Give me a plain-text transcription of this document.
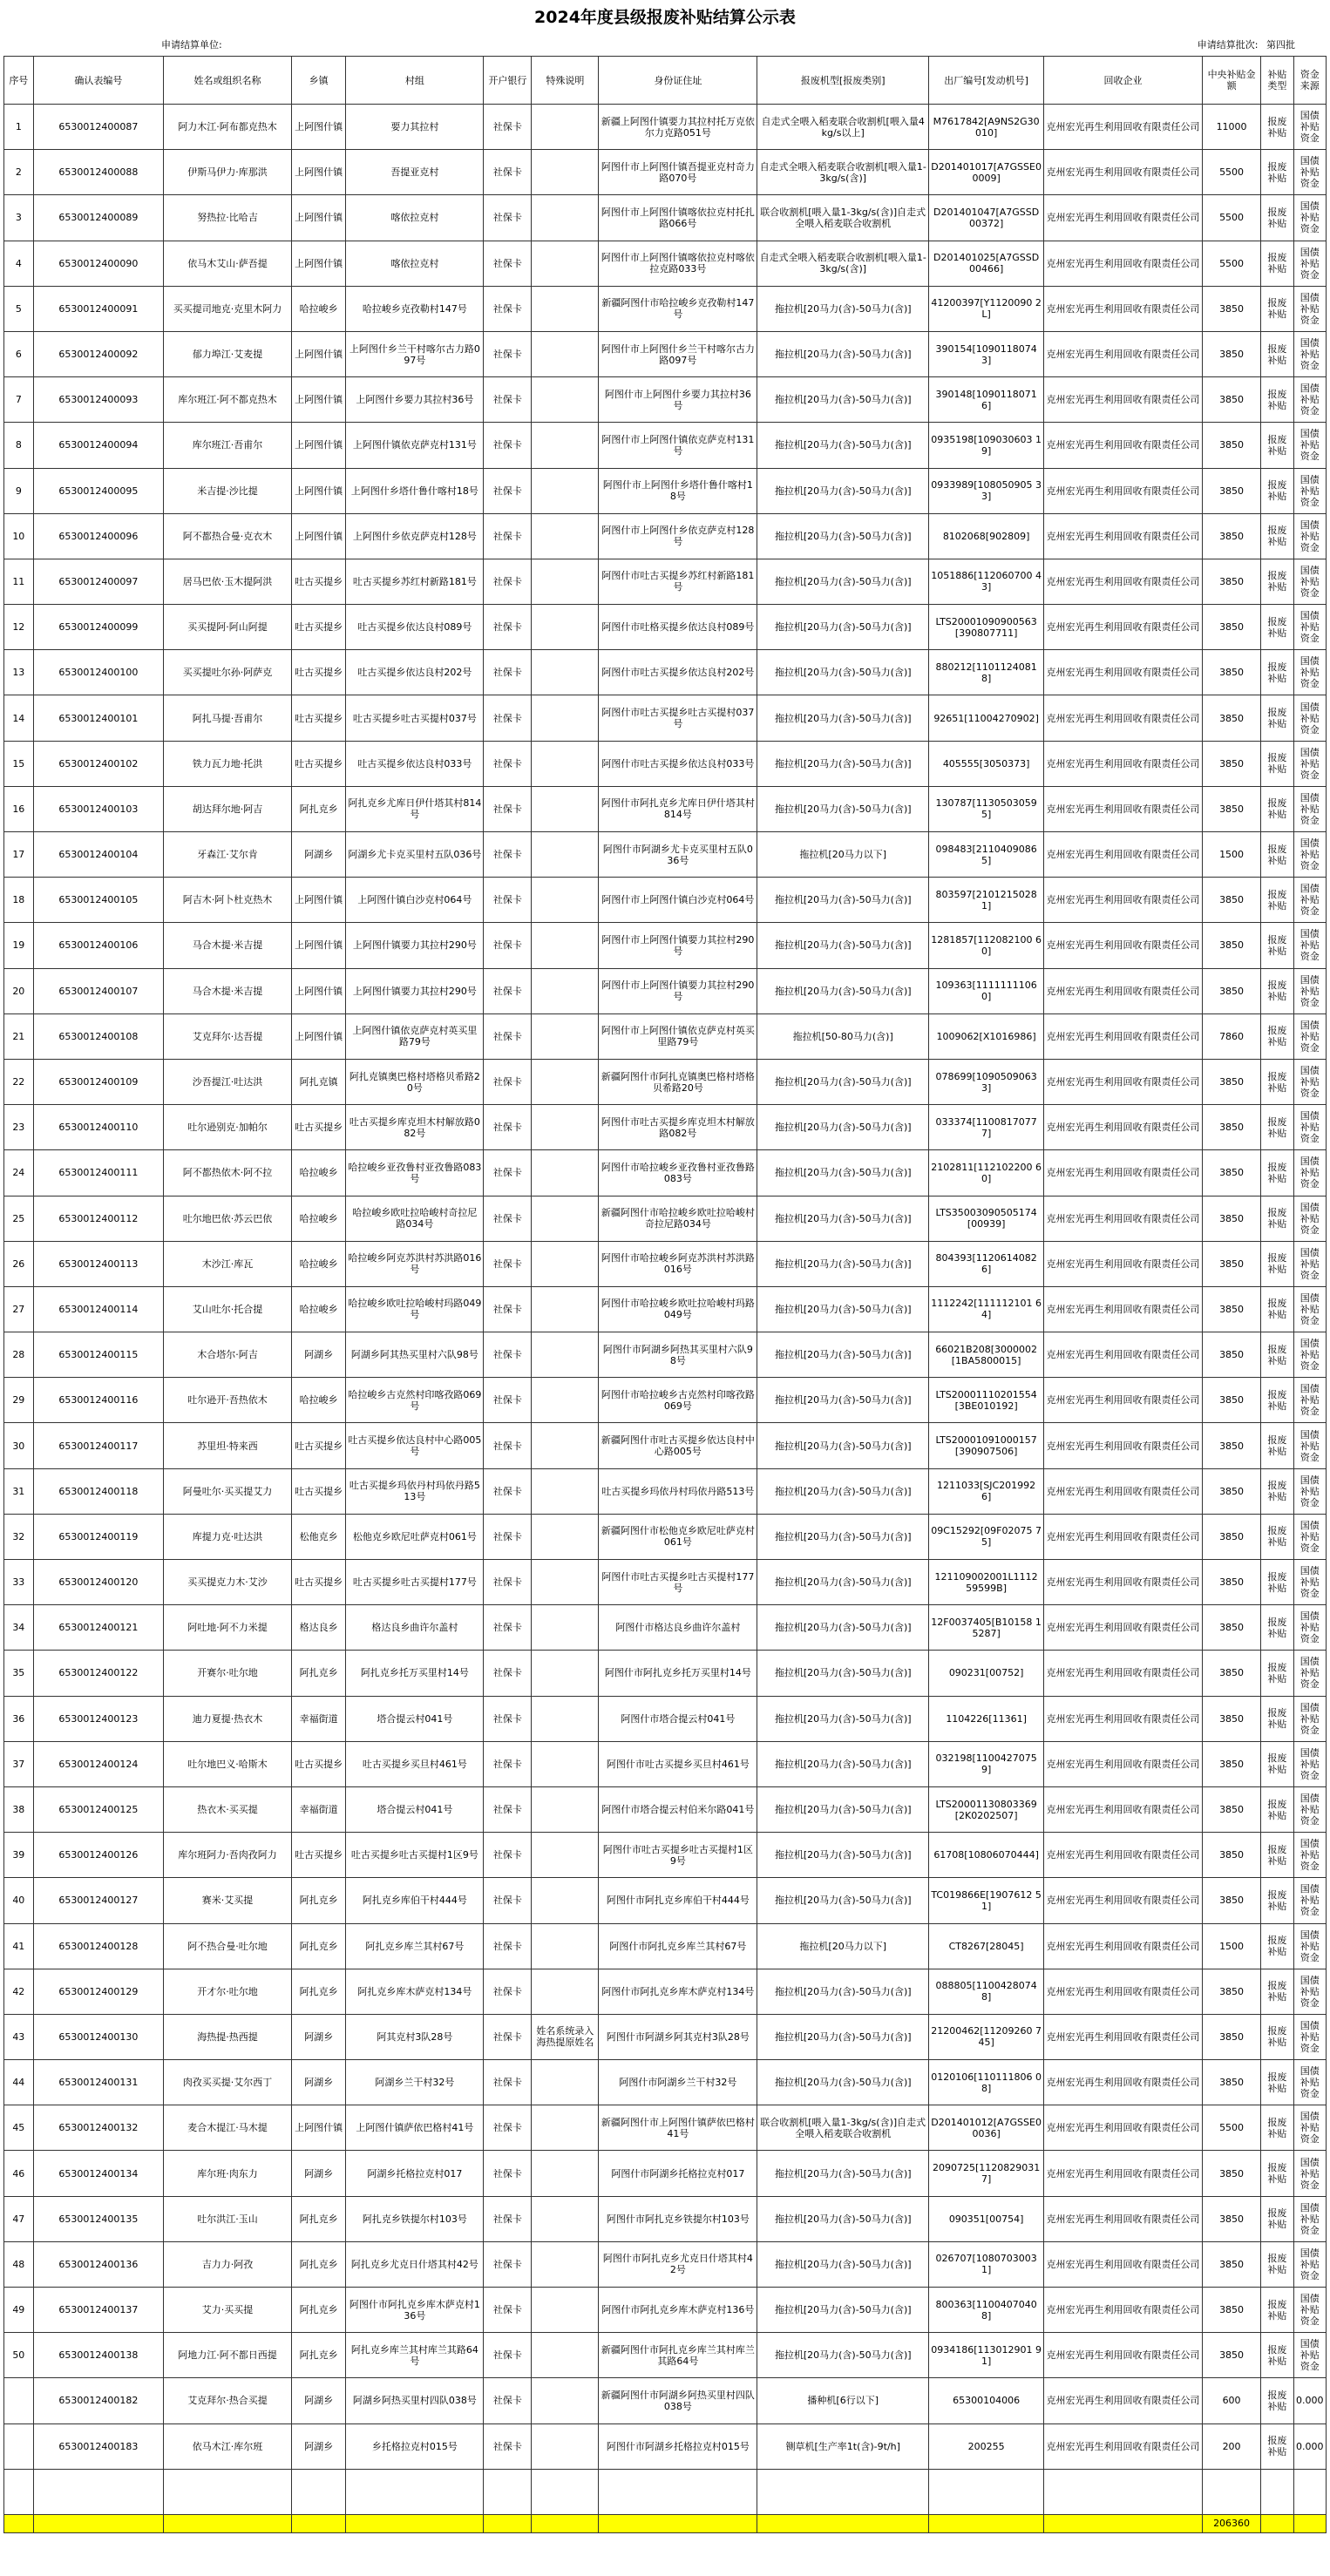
2024年度县级报废补贴结算公示表
申请结算单位:	申请结算批次: 第四批
序号	确认表编号	姓名或组织名称	乡镇	村组	开户银行	特殊说明	身份证住址	报废机型[报废类别]	出厂编号[发动机号]	回收企业	中央补贴金额	补贴类型	资金来源
1	6530012400087	阿力木江·阿布都克热木	上阿图什镇	要力其拉村	社保卡		新疆上阿图什镇要力其拉村托万克依尔力克路051号	自走式全喂入稻麦联合收割机[喂入量4kg/s以上]	M7617842[A9NS2G30010]	克州宏光再生利用回收有限责任公司	11000	报废补贴	国债补贴资金
2	6530012400088	伊斯马伊力·库那洪	上阿图什镇	吾提亚克村	社保卡		阿图什市上阿图什镇吾提亚克村奇力路070号	自走式全喂入稻麦联合收割机[喂入量1-3kg/s(含)]	D201401017[A7GSSE00009]	克州宏光再生利用回收有限责任公司	5500	报废补贴	国债补贴资金
3	6530012400089	努热拉·比哈吉	上阿图什镇	喀依拉克村	社保卡		阿图什市上阿图什镇喀依拉克村托扎路066号	联合收割机[喂入量1-3kg/s(含)]自走式全喂入稻麦联合收割机	D201401047[A7GSSD00372]	克州宏光再生利用回收有限责任公司	5500	报废补贴	国债补贴资金
4	6530012400090	依马木艾山·萨吾提	上阿图什镇	喀依拉克村	社保卡		阿图什市上阿图什镇喀依拉克村喀依拉克路033号	自走式全喂入稻麦联合收割机[喂入量1-3kg/s(含)]	D201401025[A7GSSD00466]	克州宏光再生利用回收有限责任公司	5500	报废补贴	国债补贴资金
5	6530012400091	买买提司地克·克里木阿力	哈拉峻乡	哈拉峻乡克孜勒村147号	社保卡		新疆阿图什市哈拉峻乡克孜勒村147号	拖拉机[20马力(含)-50马力(含)]	41200397[Y1120090 2L]	克州宏光再生利用回收有限责任公司	3850	报废补贴	国债补贴资金
6	6530012400092	郁力埠江·艾麦提	上阿图什镇	上阿图什乡兰干村喀尔古力路097号	社保卡		阿图什市上阿图什乡兰干村喀尔古力路097号	拖拉机[20马力(含)-50马力(含)]	390154[1090118074 3]	克州宏光再生利用回收有限责任公司	3850	报废补贴	国债补贴资金
7	6530012400093	库尔班江·阿不都克热木	上阿图什镇	上阿图什乡要力其拉村36号	社保卡		阿图什市上阿图什乡要力其拉村36号	拖拉机[20马力(含)-50马力(含)]	390148[1090118071 6]	克州宏光再生利用回收有限责任公司	3850	报废补贴	国债补贴资金
8	6530012400094	库尔班江·吾甫尔	上阿图什镇	上阿图什镇依克萨克村131号	社保卡		阿图什市上阿图什镇依克萨克村131号	拖拉机[20马力(含)-50马力(含)]	0935198[109030603 19]	克州宏光再生利用回收有限责任公司	3850	报废补贴	国债补贴资金
9	6530012400095	米吉提·沙比提	上阿图什镇	上阿图什乡塔什鲁什喀村18号	社保卡		阿图什市上阿图什乡塔什鲁什喀村18号	拖拉机[20马力(含)-50马力(含)]	0933989[108050905 33]	克州宏光再生利用回收有限责任公司	3850	报废补贴	国债补贴资金
10	6530012400096	阿不都热合曼·克衣木	上阿图什镇	上阿图什乡依克萨克村128号	社保卡		阿图什市上阿图什乡依克萨克村128号	拖拉机[20马力(含)-50马力(含)]	8102068[902809]	克州宏光再生利用回收有限责任公司	3850	报废补贴	国债补贴资金
11	6530012400097	居马巴依·玉木提阿洪	吐古买提乡	吐古买提乡苏红村新路181号	社保卡		阿图什市吐古买提乡苏红村新路181号	拖拉机[20马力(含)-50马力(含)]	1051886[112060700 43]	克州宏光再生利用回收有限责任公司	3850	报废补贴	国债补贴资金
12	6530012400099	买买提阿·阿山阿提	吐古买提乡	吐古买提乡依达良村089号	社保卡		阿图什市吐格买提乡依达良村089号	拖拉机[20马力(含)-50马力(含)]	LTS20001090900563[390807711]	克州宏光再生利用回收有限责任公司	3850	报废补贴	国债补贴资金
13	6530012400100	买买提吐尔孙·阿萨克	吐古买提乡	吐古买提乡依达良村202号	社保卡		阿图什市吐古买提乡依达良村202号	拖拉机[20马力(含)-50马力(含)]	880212[1101124081 8]	克州宏光再生利用回收有限责任公司	3850	报废补贴	国债补贴资金
14	6530012400101	阿扎马提·吾甫尔	吐古买提乡	吐古买提乡吐古买提村037号	社保卡		阿图什市吐古买提乡吐古买提村037号	拖拉机[20马力(含)-50马力(含)]	92651[11004270902]	克州宏光再生利用回收有限责任公司	3850	报废补贴	国债补贴资金
15	6530012400102	铁力瓦力地·托洪	吐古买提乡	吐古买提乡依达良村033号	社保卡		阿图什市吐古买提乡依达良村033号	拖拉机[20马力(含)-50马力(含)]	405555[3050373]	克州宏光再生利用回收有限责任公司	3850	报废补贴	国债补贴资金
16	6530012400103	胡达拜尔地·阿吉	阿扎克乡	阿扎克乡尤库日伊什塔其村814号	社保卡		阿图什市阿扎克乡尤库日伊什塔其村814号	拖拉机[20马力(含)-50马力(含)]	130787[1130503059 5]	克州宏光再生利用回收有限责任公司	3850	报废补贴	国债补贴资金
17	6530012400104	牙森江·艾尔肯	阿湖乡	阿湖乡尤卡克买里村五队036号	社保卡		阿图什市阿湖乡尤卡克买里村五队036号	拖拉机[20马力以下]	098483[2110409086 5]	克州宏光再生利用回收有限责任公司	1500	报废补贴	国债补贴资金
18	6530012400105	阿吉木·阿卜杜克热木	上阿图什镇	上阿图什镇白沙克村064号	社保卡		阿图什市上阿图什镇白沙克村064号	拖拉机[20马力(含)-50马力(含)]	803597[2101215028 1]	克州宏光再生利用回收有限责任公司	3850	报废补贴	国债补贴资金
19	6530012400106	马合木提·米吉提	上阿图什镇	上阿图什镇要力其拉村290号	社保卡		阿图什市上阿图什镇要力其拉村290号	拖拉机[20马力(含)-50马力(含)]	1281857[112082100 60]	克州宏光再生利用回收有限责任公司	3850	报废补贴	国债补贴资金
20	6530012400107	马合木提·米吉提	上阿图什镇	上阿图什镇要力其拉村290号	社保卡		阿图什市上阿图什镇要力其拉村290号	拖拉机[20马力(含)-50马力(含)]	109363[1111111106 0]	克州宏光再生利用回收有限责任公司	3850	报废补贴	国债补贴资金
21	6530012400108	艾克拜尔·达吾提	上阿图什镇	上阿图什镇依克萨克村英买里路79号	社保卡		阿图什市上阿图什镇依克萨克村英买里路79号	拖拉机[50-80马力(含)]	1009062[X1016986]	克州宏光再生利用回收有限责任公司	7860	报废补贴	国债补贴资金
22	6530012400109	沙吾提江·吐达洪	阿扎克镇	阿扎克镇奥巴格村塔格贝希路20号	社保卡		新疆阿图什市阿扎克镇奥巴格村塔格贝希路20号	拖拉机[20马力(含)-50马力(含)]	078699[1090509063 3]	克州宏光再生利用回收有限责任公司	3850	报废补贴	国债补贴资金
23	6530012400110	吐尔逊别克·加帕尔	吐古买提乡	吐古买提乡库克坦木村解放路082号	社保卡		阿图什市吐古买提乡库克坦木村解放路082号	拖拉机[20马力(含)-50马力(含)]	033374[1100817077 7]	克州宏光再生利用回收有限责任公司	3850	报废补贴	国债补贴资金
24	6530012400111	阿不都热依木·阿不拉	哈拉峻乡	哈拉峻乡亚孜鲁村亚孜鲁路083号	社保卡		阿图什市哈拉峻乡亚孜鲁村亚孜鲁路083号	拖拉机[20马力(含)-50马力(含)]	2102811[112102200 60]	克州宏光再生利用回收有限责任公司	3850	报废补贴	国债补贴资金
25	6530012400112	吐尔地巴依·苏云巴依	哈拉峻乡	哈拉峻乡欧吐拉哈峻村奇拉尼路034号	社保卡		新疆阿图什市哈拉峻乡欧吐拉哈峻村奇拉尼路034号	拖拉机[20马力(含)-50马力(含)]	LTS35003090505174[00939]	克州宏光再生利用回收有限责任公司	3850	报废补贴	国债补贴资金
26	6530012400113	木沙江·库瓦	哈拉峻乡	哈拉峻乡阿克苏洪村苏洪路016号	社保卡		阿图什市哈拉峻乡阿克苏洪村苏洪路016号	拖拉机[20马力(含)-50马力(含)]	804393[1120614082 6]	克州宏光再生利用回收有限责任公司	3850	报废补贴	国债补贴资金
27	6530012400114	艾山吐尔·托合提	哈拉峻乡	哈拉峻乡欧吐拉哈峻村玛路049号	社保卡		阿图什市哈拉峻乡欧吐拉哈峻村玛路049号	拖拉机[20马力(含)-50马力(含)]	1112242[111112101 64]	克州宏光再生利用回收有限责任公司	3850	报废补贴	国债补贴资金
28	6530012400115	木合塔尔·阿吉	阿湖乡	阿湖乡阿其热买里村六队98号	社保卡		阿图什市阿湖乡阿热其买里村六队98号	拖拉机[20马力(含)-50马力(含)]	66021B208[3000002[1BA5800015]	克州宏光再生利用回收有限责任公司	3850	报废补贴	国债补贴资金
29	6530012400116	吐尔逊开·吾热依木	哈拉峻乡	哈拉峻乡古克然村印喀孜路069号	社保卡		阿图什市哈拉峻乡古克然村印喀孜路069号	拖拉机[20马力(含)-50马力(含)]	LTS20001110201554[3BE010192]	克州宏光再生利用回收有限责任公司	3850	报废补贴	国债补贴资金
30	6530012400117	苏里坦·特来西	吐古买提乡	吐古买提乡依达良村中心路005号	社保卡		新疆阿图什市吐古买提乡依达良村中心路005号	拖拉机[20马力(含)-50马力(含)]	LTS20001091000157[390907506]	克州宏光再生利用回收有限责任公司	3850	报废补贴	国债补贴资金
31	6530012400118	阿曼吐尔·买买提艾力	吐古买提乡	吐古买提乡玛依丹村玛依丹路513号	社保卡		吐古买提乡玛依丹村玛依丹路513号	拖拉机[20马力(含)-50马力(含)]	1211033[SJC201992 6]	克州宏光再生利用回收有限责任公司	3850	报废补贴	国债补贴资金
32	6530012400119	库提力克·吐达洪	松他克乡	松他克乡欧尼吐萨克村061号	社保卡		新疆阿图什市松他克乡欧尼吐萨克村061号	拖拉机[20马力(含)-50马力(含)]	09C15292[09F02075 75]	克州宏光再生利用回收有限责任公司	3850	报废补贴	国债补贴资金
33	6530012400120	买买提克力木·艾沙	吐古买提乡	吐古买提乡吐古买提村177号	社保卡		阿图什市吐古买提乡吐古买提村177号	拖拉机[20马力(含)-50马力(含)]	121109002001L1112 59599B]	克州宏光再生利用回收有限责任公司	3850	报废补贴	国债补贴资金
34	6530012400121	阿吐地·阿不力米提	格达良乡	格达良乡曲许尔盖村	社保卡		阿图什市格达良乡曲许尔盖村	拖拉机[20马力(含)-50马力(含)]	12F0037405[B10158 15287]	克州宏光再生利用回收有限责任公司	3850	报废补贴	国债补贴资金
35	6530012400122	开赛尔·吐尔地	阿扎克乡	阿扎克乡托万买里村14号	社保卡		阿图什市阿扎克乡托万买里村14号	拖拉机[20马力(含)-50马力(含)]	090231[00752]	克州宏光再生利用回收有限责任公司	3850	报废补贴	国债补贴资金
36	6530012400123	迪力夏提·热衣木	幸福街道	塔合提云村041号	社保卡		阿图什市塔合提云村041号	拖拉机[20马力(含)-50马力(含)]	1104226[11361]	克州宏光再生利用回收有限责任公司	3850	报废补贴	国债补贴资金
37	6530012400124	吐尔地巴义·哈斯木	吐古买提乡	吐古买提乡买旦村461号	社保卡		阿图什市吐古买提乡买旦村461号	拖拉机[20马力(含)-50马力(含)]	032198[1100427075 9]	克州宏光再生利用回收有限责任公司	3850	报废补贴	国债补贴资金
38	6530012400125	热衣木·买买提	幸福街道	塔合提云村041号	社保卡		阿图什市塔合提云村伯米尔路041号	拖拉机[20马力(含)-50马力(含)]	LTS20001130803369[2K0202507]	克州宏光再生利用回收有限责任公司	3850	报废补贴	国债补贴资金
39	6530012400126	库尔班阿力·吾肉孜阿力	吐古买提乡	吐古买提乡吐古买提村1区9号	社保卡		阿图什市吐古买提乡吐古买提村1区9号	拖拉机[20马力(含)-50马力(含)]	61708[10806070444]	克州宏光再生利用回收有限责任公司	3850	报废补贴	国债补贴资金
40	6530012400127	赛米·艾买提	阿扎克乡	阿扎克乡库伯干村444号	社保卡		阿图什市阿扎克乡库伯干村444号	拖拉机[20马力(含)-50马力(含)]	TC019866E[1907612 51]	克州宏光再生利用回收有限责任公司	3850	报废补贴	国债补贴资金
41	6530012400128	阿不热合曼·吐尔地	阿扎克乡	阿扎克乡库兰其村67号	社保卡		阿图什市阿扎克乡库兰其村67号	拖拉机[20马力以下]	CT8267[28045]	克州宏光再生利用回收有限责任公司	1500	报废补贴	国债补贴资金
42	6530012400129	开才尔·吐尔地	阿扎克乡	阿扎克乡库木萨克村134号	社保卡		阿图什市阿扎克乡库木萨克村134号	拖拉机[20马力(含)-50马力(含)]	088805[1100428074 8]	克州宏光再生利用回收有限责任公司	3850	报废补贴	国债补贴资金
43	6530012400130	海热提·热西提	阿湖乡	阿其克村3队28号	社保卡	姓名系统录入海热提原姓名	阿图什市阿湖乡阿其克村3队28号	拖拉机[20马力(含)-50马力(含)]	21200462[11209260 745]	克州宏光再生利用回收有限责任公司	3850	报废补贴	国债补贴资金
44	6530012400131	肉孜买买提·艾尔西丁	阿湖乡	阿湖乡兰干村32号	社保卡		阿图什市阿湖乡兰干村32号	拖拉机[20马力(含)-50马力(含)]	0120106[110111806 08]	克州宏光再生利用回收有限责任公司	3850	报废补贴	国债补贴资金
45	6530012400132	麦合木提江·马木提	上阿图什镇	上阿图什镇萨依巴格村41号	社保卡		新疆阿图什市上阿图什镇萨依巴格村41号	联合收割机[喂入量1-3kg/s(含)]自走式全喂入稻麦联合收割机	D201401012[A7GSSE00036]	克州宏光再生利用回收有限责任公司	5500	报废补贴	国债补贴资金
46	6530012400134	库尔班·肉东力	阿湖乡	阿湖乡托格拉克村017	社保卡		阿图什市阿湖乡托格拉克村017	拖拉机[20马力(含)-50马力(含)]	2090725[1120829031 7]	克州宏光再生利用回收有限责任公司	3850	报废补贴	国债补贴资金
47	6530012400135	吐尔洪江·玉山	阿扎克乡	阿扎克乡铁提尔村103号	社保卡		阿图什市阿扎克乡铁提尔村103号	拖拉机[20马力(含)-50马力(含)]	090351[00754]	克州宏光再生利用回收有限责任公司	3850	报废补贴	国债补贴资金
48	6530012400136	吉力力·阿孜	阿扎克乡	阿扎克乡尤克日什塔其村42号	社保卡		阿图什市阿扎克乡尤克日什塔其村42号	拖拉机[20马力(含)-50马力(含)]	026707[1080703003 1]	克州宏光再生利用回收有限责任公司	3850	报废补贴	国债补贴资金
49	6530012400137	艾力·买买提	阿扎克乡	阿图什市阿扎克乡库木萨克村136号	社保卡		阿图什市阿扎克乡库木萨克村136号	拖拉机[20马力(含)-50马力(含)]	800363[1100407040 8]	克州宏光再生利用回收有限责任公司	3850	报废补贴	国债补贴资金
50	6530012400138	阿地力江·阿不都日西提	阿扎克乡	阿扎克乡库兰其村库兰其路64号	社保卡		新疆阿图什市阿扎克乡库兰其村库兰其路64号	拖拉机[20马力(含)-50马力(含)]	0934186[113012901 91]	克州宏光再生利用回收有限责任公司	3850	报废补贴	国债补贴资金
	6530012400182	艾克拜尔·热合买提	阿湖乡	阿湖乡阿热买里村四队038号	社保卡		新疆阿图什市阿湖乡阿热买里村四队038号	播种机[6行以下]	65300104006	克州宏光再生利用回收有限责任公司	600	报废补贴	0.000
	6530012400183	依马木江·库尔班	阿湖乡	乡托格拉克村015号	社保卡		阿图什市阿湖乡托格拉克村015号	铡草机[生产率1t(含)-9t/h]	200255	克州宏光再生利用回收有限责任公司	200	报废补贴	0.000

											206360		
